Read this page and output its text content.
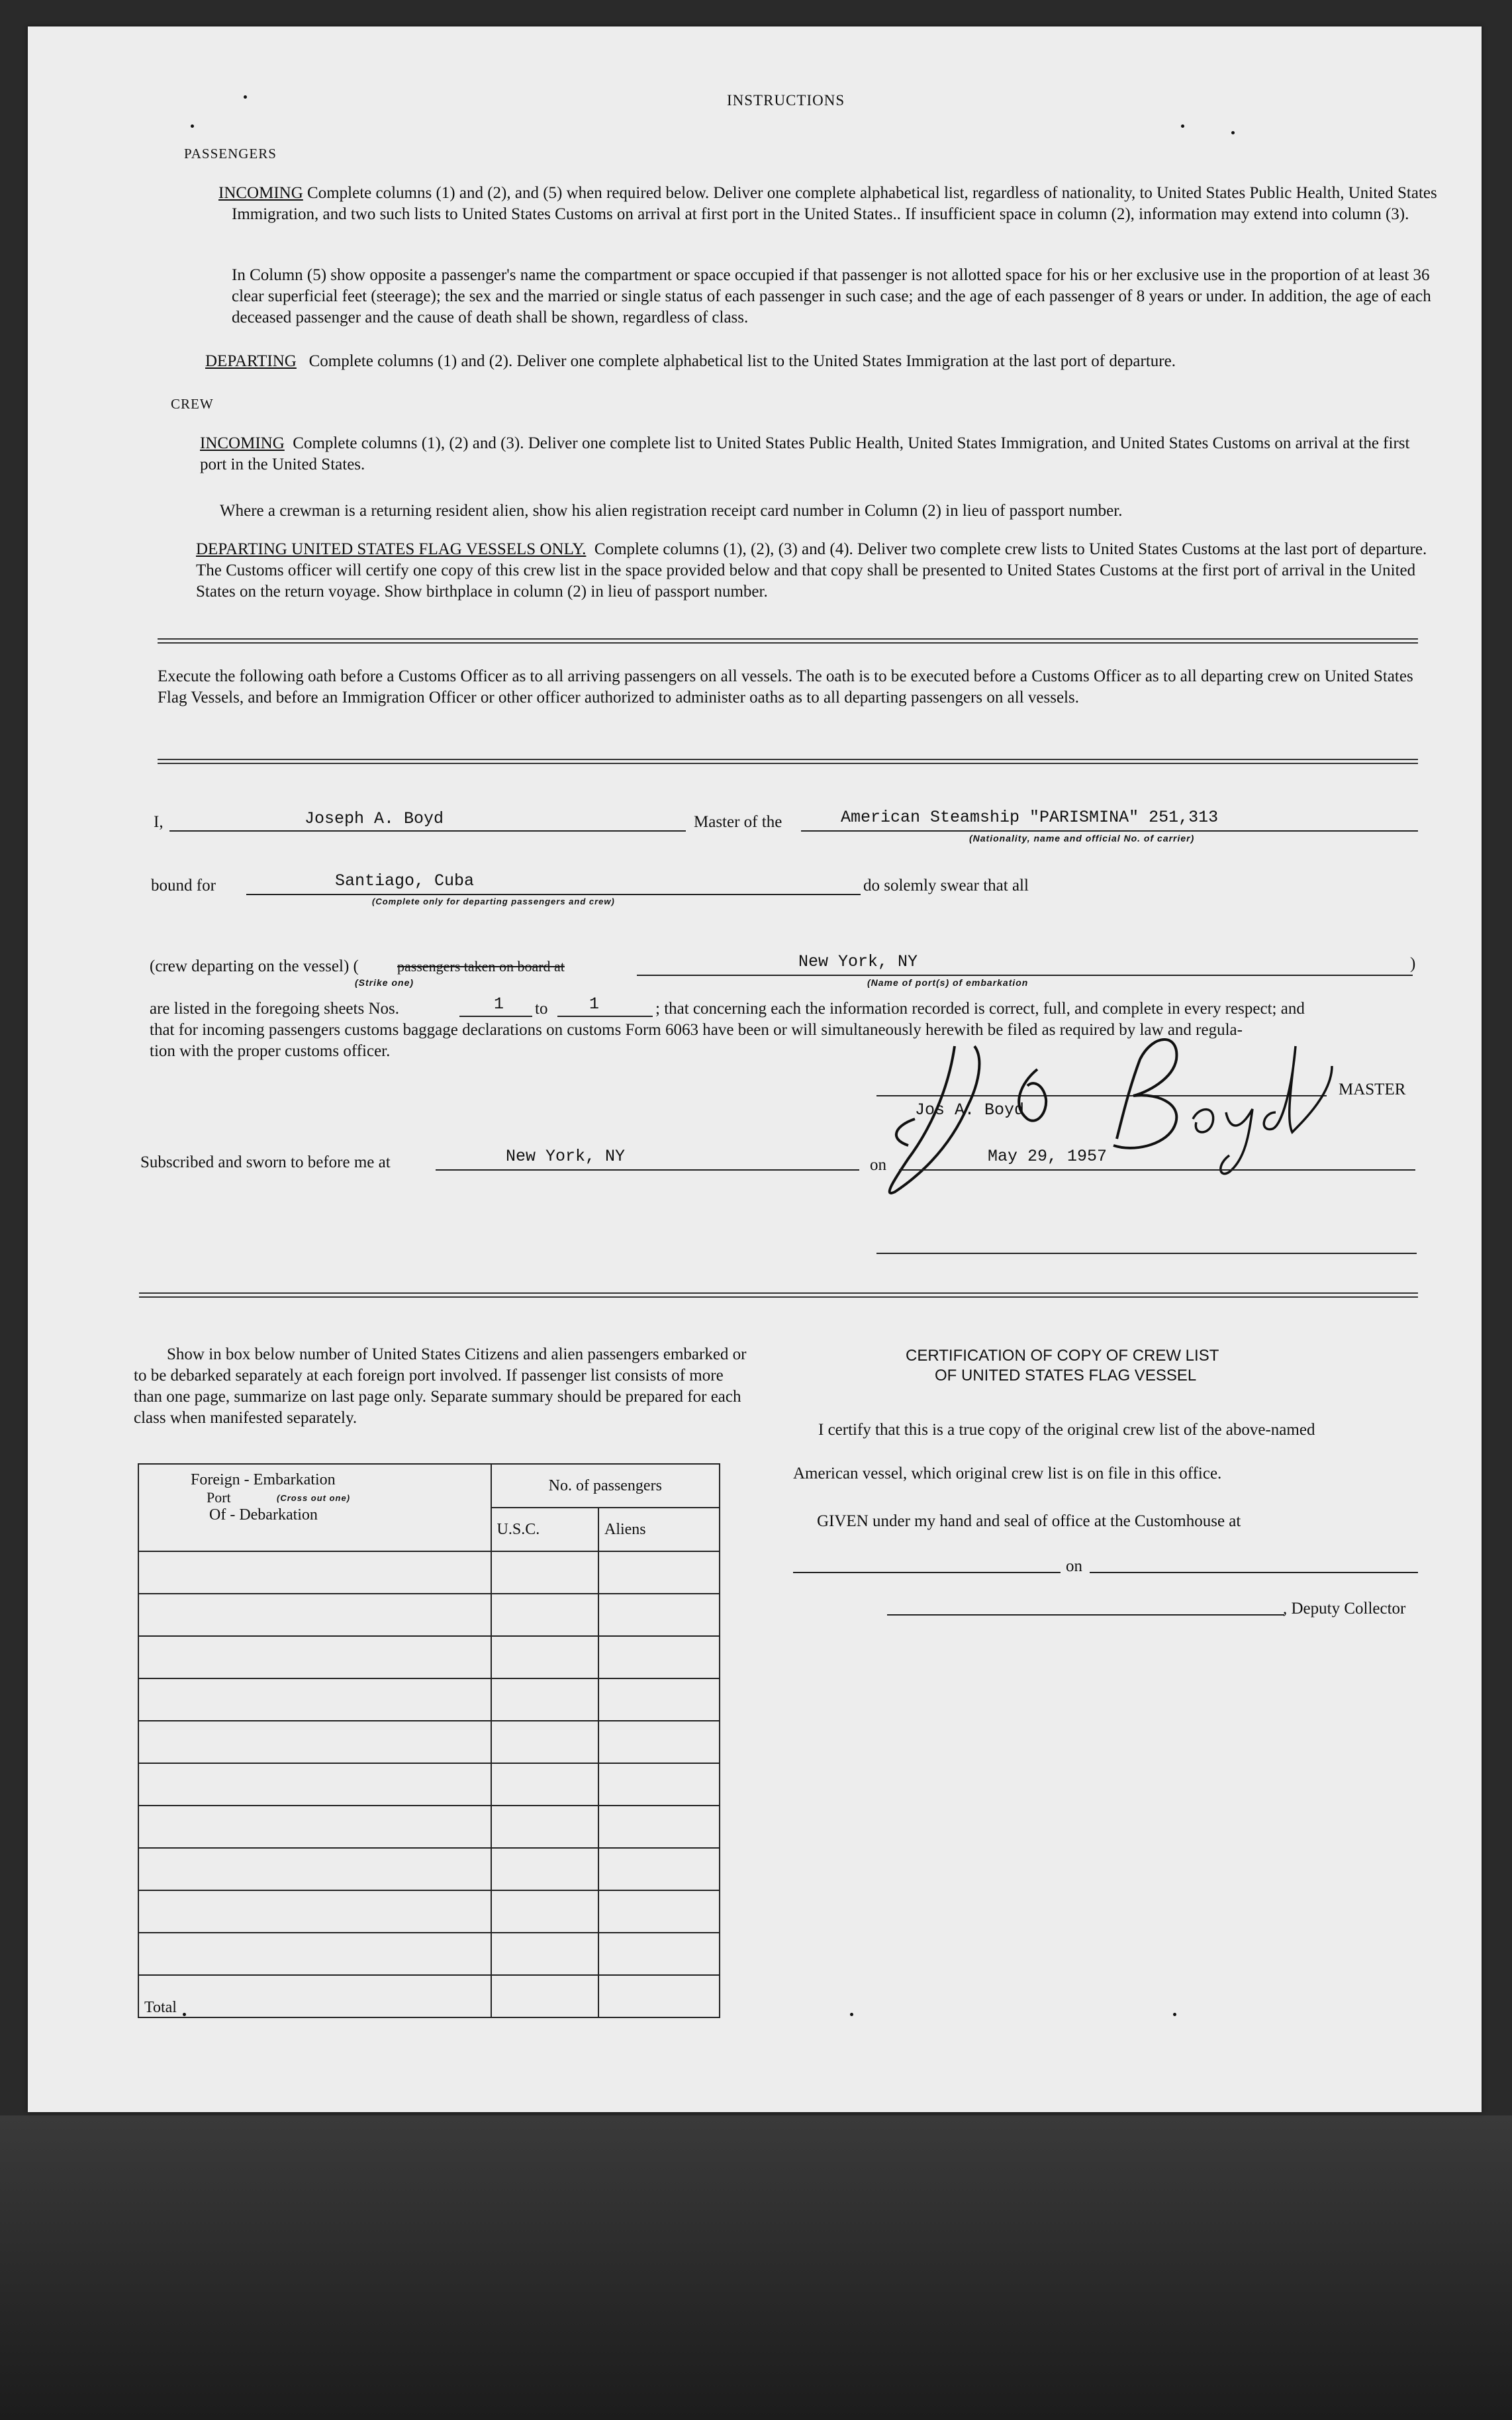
INSTRUCTIONS
PASSENGERS
INCOMING Complete columns (1) and (2), and (5) when required below. Deliver one complete alphabetical list, regardless of nationality, to United States Public Health, United States Immigration, and two such lists to United States Customs on arrival at first port in the United States.. If insufficient space in column (2), information may extend into column (3).
In Column (5) show opposite a passenger's name the compartment or space occupied if that passenger is not allotted space for his or her exclusive use in the proportion of at least 36 clear superficial feet (steerage); the sex and the married or single status of each passenger in such case; and the age of each passenger of 8 years or under. In addition, the age of each deceased passenger and the cause of death shall be shown, regardless of class.
DEPARTING Complete columns (1) and (2). Deliver one complete alphabetical list to the United States Immigration at the last port of departure.
CREW
INCOMING Complete columns (1), (2) and (3). Deliver one complete list to United States Public Health, United States Immigration, and United States Customs on arrival at the first port in the United States.
Where a crewman is a returning resident alien, show his alien registration receipt card number in Column (2) in lieu of passport number.
DEPARTING UNITED STATES FLAG VESSELS ONLY. Complete columns (1), (2), (3) and (4). Deliver two complete crew lists to United States Customs at the last port of departure. The Customs officer will certify one copy of this crew list in the space provided below and that copy shall be presented to United States Customs at the first port of arrival in the United States on the return voyage. Show birthplace in column (2) in lieu of passport number.
Execute the following oath before a Customs Officer as to all arriving passengers on all vessels. The oath is to be executed before a Customs Officer as to all departing crew on United States Flag Vessels, and before an Immigration Officer or other officer authorized to administer oaths as to all departing passengers on all vessels.
I,	Joseph A. Boyd	Master of the	American Steamship "PARISMINA" 251,313
(Nationality, name and official No. of carrier)
bound for	Santiago, Cuba
(Complete only for departing passengers and crew)
do solemly swear that all
(crew departing on the vessel) (	passengers taken on board at	New York, NY	)
(Strike one)	(Name of port(s) of embarkation
are listed in the foregoing sheets Nos.	1 to	1	; that concerning each the information recorded is correct, full, and complete in every respect; and
that for incoming passengers customs baggage declarations on customs Form 6063 have been or will simultaneously herewith be filed as required by law and regula-
tion with the proper customs officer.
MASTER
Jos A. Boyd
Subscribed and sworn to before me at	New York, NY	on	May 29, 1957
Show in box below number of United States Citizens and alien passengers embarked or to be debarked separately at each foreign port involved. If passenger list consists of more than one page, summarize on last page only. Separate summary should be prepared for each class when manifested separately.
Foreign - Embarkation
Port (Cross out one)
Of - Debarkation	No. of passengers	
	U.S.C.	Aliens

Total		
CERTIFICATION OF COPY OF CREW LIST
OF UNITED STATES FLAG VESSEL
I certify that this is a true copy of the original crew list of the above-named
American vessel, which original crew list is on file in this office.
GIVEN under my hand and seal of office at the Customhouse at
on
, Deputy Collector
